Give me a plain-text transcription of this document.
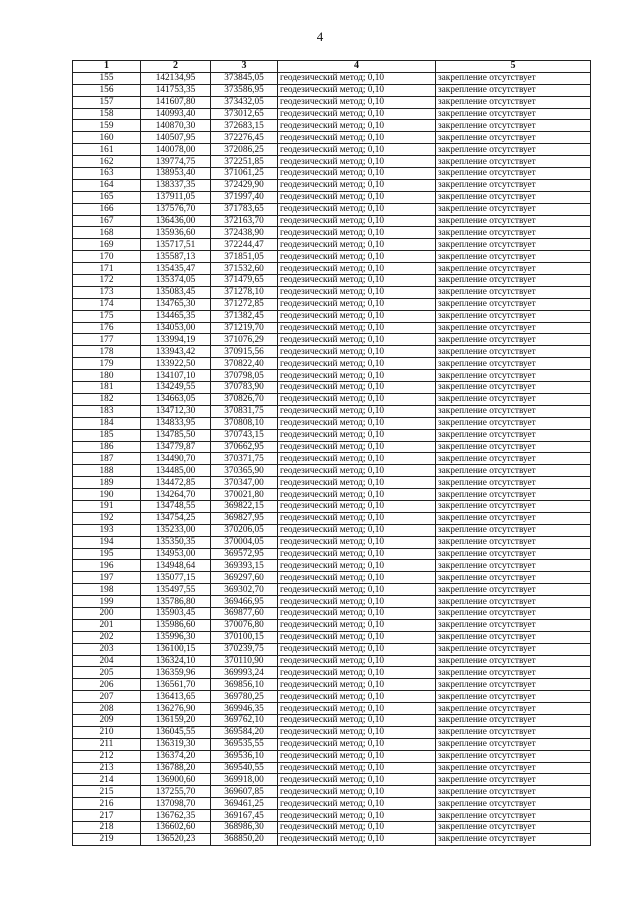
4
1	2	3	4	5
155	142134,95	373845,05	геодезический метод; 0,10	закрепление отсутствует
156	141753,35	373586,95	геодезический метод; 0,10	закрепление отсутствует
157	141607,80	373432,05	геодезический метод; 0,10	закрепление отсутствует
158	140993,40	373012,65	геодезический метод; 0,10	закрепление отсутствует
159	140870,30	372683,15	геодезический метод; 0,10	закрепление отсутствует
160	140507,95	372276,45	геодезический метод; 0,10	закрепление отсутствует
161	140078,00	372086,25	геодезический метод; 0,10	закрепление отсутствует
162	139774,75	372251,85	геодезический метод; 0,10	закрепление отсутствует
163	138953,40	371061,25	геодезический метод; 0,10	закрепление отсутствует
164	138337,35	372429,90	геодезический метод; 0,10	закрепление отсутствует
165	137911,05	371997,40	геодезический метод; 0,10	закрепление отсутствует
166	137576,70	371783,65	геодезический метод; 0,10	закрепление отсутствует
167	136436,00	372163,70	геодезический метод; 0,10	закрепление отсутствует
168	135936,60	372438,90	геодезический метод; 0,10	закрепление отсутствует
169	135717,51	372244,47	геодезический метод; 0,10	закрепление отсутствует
170	135587,13	371851,05	геодезический метод; 0,10	закрепление отсутствует
171	135435,47	371532,60	геодезический метод; 0,10	закрепление отсутствует
172	135374,05	371479,65	геодезический метод; 0,10	закрепление отсутствует
173	135083,45	371278,10	геодезический метод; 0,10	закрепление отсутствует
174	134765,30	371272,85	геодезический метод; 0,10	закрепление отсутствует
175	134465,35	371382,45	геодезический метод; 0,10	закрепление отсутствует
176	134053,00	371219,70	геодезический метод; 0,10	закрепление отсутствует
177	133994,19	371076,29	геодезический метод; 0,10	закрепление отсутствует
178	133943,42	370915,56	геодезический метод; 0,10	закрепление отсутствует
179	133922,50	370822,40	геодезический метод; 0,10	закрепление отсутствует
180	134107,10	370798,05	геодезический метод; 0,10	закрепление отсутствует
181	134249,55	370783,90	геодезический метод; 0,10	закрепление отсутствует
182	134663,05	370826,70	геодезический метод; 0,10	закрепление отсутствует
183	134712,30	370831,75	геодезический метод; 0,10	закрепление отсутствует
184	134833,95	370808,10	геодезический метод; 0,10	закрепление отсутствует
185	134785,50	370743,15	геодезический метод; 0,10	закрепление отсутствует
186	134779,87	370662,95	геодезический метод; 0,10	закрепление отсутствует
187	134490,70	370371,75	геодезический метод; 0,10	закрепление отсутствует
188	134485,00	370365,90	геодезический метод; 0,10	закрепление отсутствует
189	134472,85	370347,00	геодезический метод; 0,10	закрепление отсутствует
190	134264,70	370021,80	геодезический метод; 0,10	закрепление отсутствует
191	134748,55	369822,15	геодезический метод; 0,10	закрепление отсутствует
192	134754,25	369827,95	геодезический метод; 0,10	закрепление отсутствует
193	135233,00	370206,05	геодезический метод; 0,10	закрепление отсутствует
194	135350,35	370004,05	геодезический метод; 0,10	закрепление отсутствует
195	134953,00	369572,95	геодезический метод; 0,10	закрепление отсутствует
196	134948,64	369393,15	геодезический метод; 0,10	закрепление отсутствует
197	135077,15	369297,60	геодезический метод; 0,10	закрепление отсутствует
198	135497,55	369302,70	геодезический метод; 0,10	закрепление отсутствует
199	135786,80	369466,95	геодезический метод; 0,10	закрепление отсутствует
200	135903,45	369877,60	геодезический метод; 0,10	закрепление отсутствует
201	135986,60	370076,80	геодезический метод; 0,10	закрепление отсутствует
202	135996,30	370100,15	геодезический метод; 0,10	закрепление отсутствует
203	136100,15	370239,75	геодезический метод; 0,10	закрепление отсутствует
204	136324,10	370110,90	геодезический метод; 0,10	закрепление отсутствует
205	136359,96	369993,24	геодезический метод; 0,10	закрепление отсутствует
206	136561,70	369856,10	геодезический метод; 0,10	закрепление отсутствует
207	136413,65	369780,25	геодезический метод; 0,10	закрепление отсутствует
208	136276,90	369946,35	геодезический метод; 0,10	закрепление отсутствует
209	136159,20	369762,10	геодезический метод; 0,10	закрепление отсутствует
210	136045,55	369584,20	геодезический метод; 0,10	закрепление отсутствует
211	136319,30	369535,55	геодезический метод; 0,10	закрепление отсутствует
212	136374,20	369536,10	геодезический метод; 0,10	закрепление отсутствует
213	136788,20	369540,55	геодезический метод; 0,10	закрепление отсутствует
214	136900,60	369918,00	геодезический метод; 0,10	закрепление отсутствует
215	137255,70	369607,85	геодезический метод; 0,10	закрепление отсутствует
216	137098,70	369461,25	геодезический метод; 0,10	закрепление отсутствует
217	136762,35	369167,45	геодезический метод; 0,10	закрепление отсутствует
218	136602,60	368986,30	геодезический метод; 0,10	закрепление отсутствует
219	136520,23	368850,20	геодезический метод; 0,10	закрепление отсутствует
